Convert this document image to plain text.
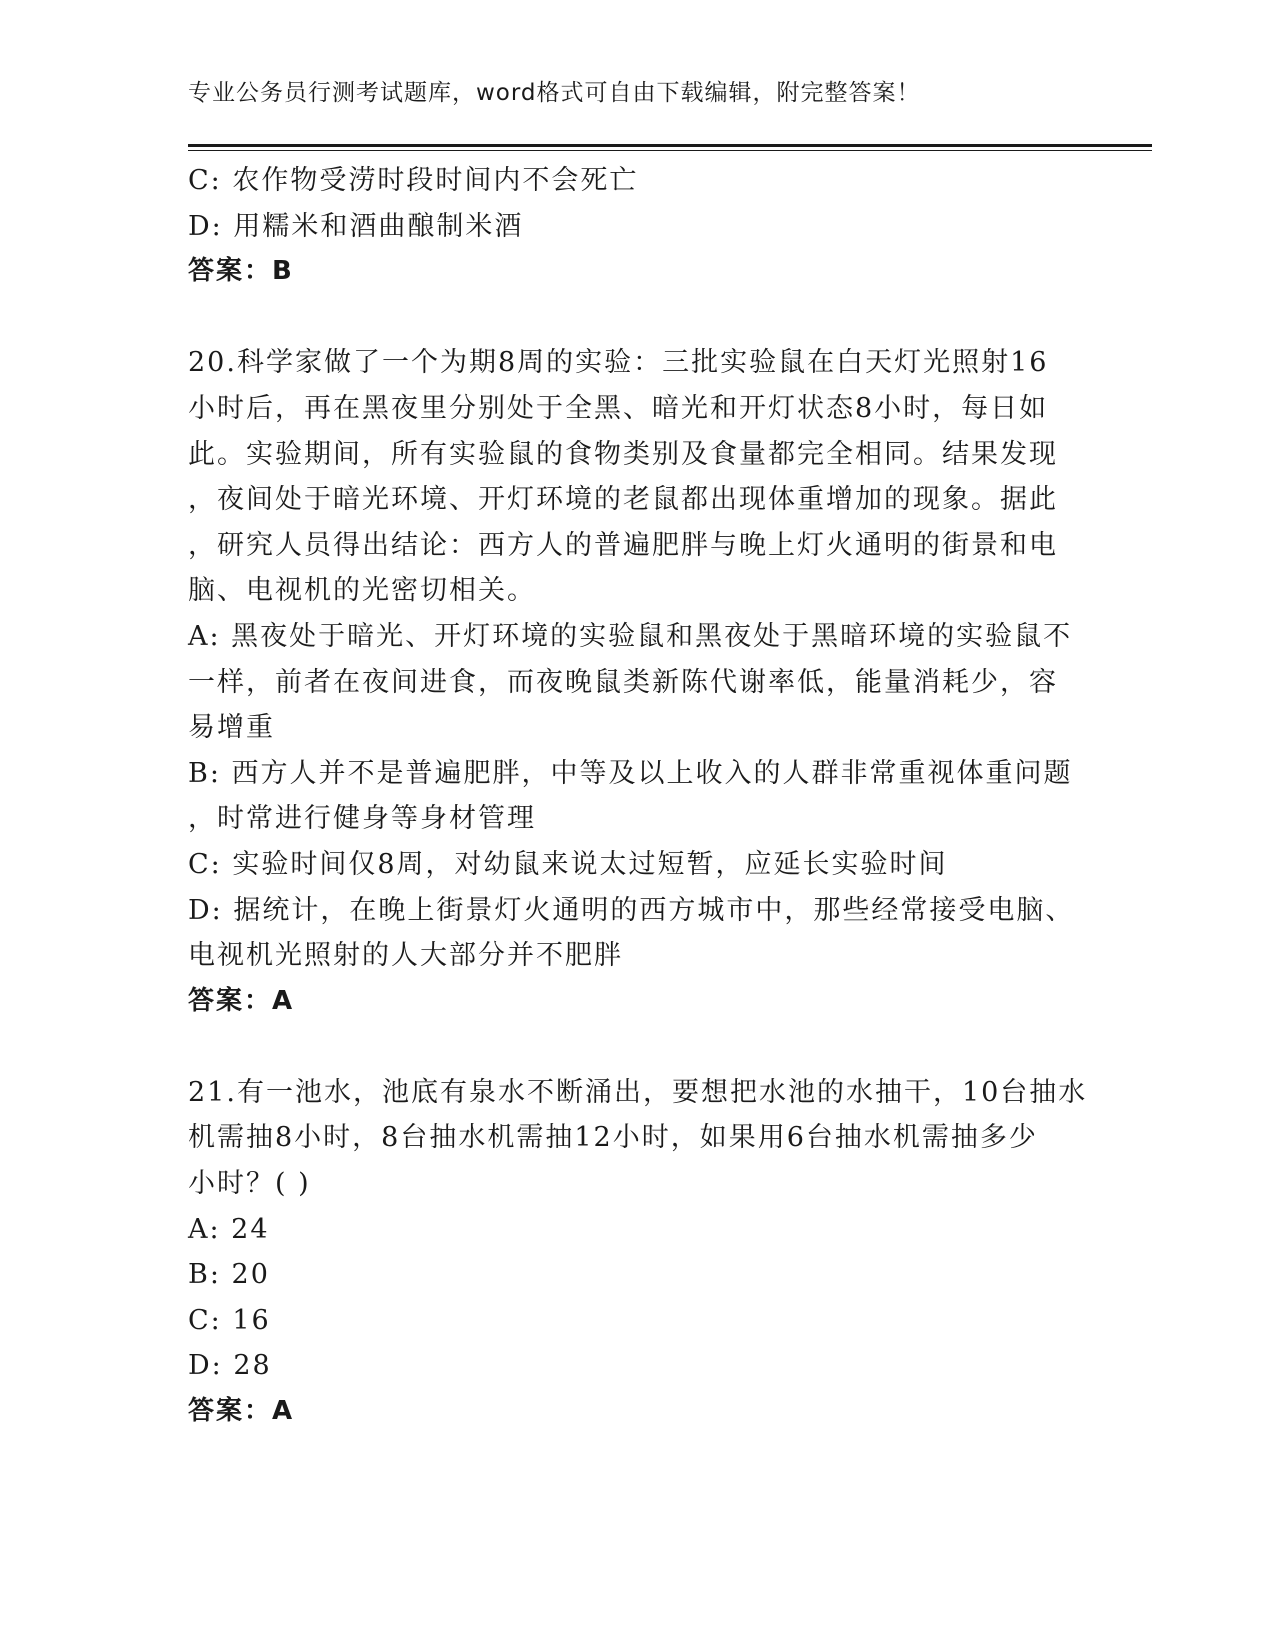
专业公务员行测考试题库，word格式可自由下载编辑，附完整答案！
C: 农作物受涝时段时间内不会死亡
D: 用糯米和酒曲酿制米酒
答案：B
20.科学家做了一个为期8周的实验：三批实验鼠在白天灯光照射16
小时后，再在黑夜里分别处于全黑、暗光和开灯状态8小时，每日如
此。实验期间，所有实验鼠的食物类别及食量都完全相同。结果发现
，夜间处于暗光环境、开灯环境的老鼠都出现体重增加的现象。据此
，研究人员得出结论：西方人的普遍肥胖与晚上灯火通明的街景和电
脑、电视机的光密切相关。
A: 黑夜处于暗光、开灯环境的实验鼠和黑夜处于黑暗环境的实验鼠不
一样，前者在夜间进食，而夜晚鼠类新陈代谢率低，能量消耗少，容
易增重
B: 西方人并不是普遍肥胖，中等及以上收入的人群非常重视体重问题
，时常进行健身等身材管理
C: 实验时间仅8周，对幼鼠来说太过短暂，应延长实验时间
D: 据统计，在晚上街景灯火通明的西方城市中，那些经常接受电脑、
电视机光照射的人大部分并不肥胖
答案：A
21.有一池水，池底有泉水不断涌出，要想把水池的水抽干，10台抽水
机需抽8小时，8台抽水机需抽12小时，如果用6台抽水机需抽多少
小时？( )
A: 24
B: 20
C: 16
D: 28
答案：A
